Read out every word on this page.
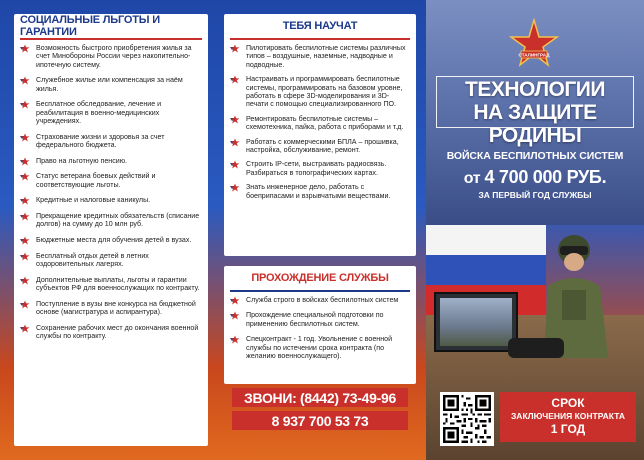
СОЦИАЛЬНЫЕ ЛЬГОТЫ И ГАРАНТИИ
Возможность быстрого приобретения жилья за счет Минобороны России через накопительно-ипотечную систему.
Служебное жилье или компенсация за наём жилья.
Бесплатное обследование, лечение и реабилитация в военно-медицинских учреждениях.
Страхование жизни и здоровья за счет федерального бюджета.
Право на льготную пенсию.
Статус ветерана боевых действий и соответствующие льготы.
Кредитные и налоговые каникулы.
Прекращение кредитных обязательств (списание долгов) на сумму до 10 млн руб.
Бюджетные места для обучения детей в вузах.
Бесплатный отдых детей в летних оздоровительных лагерях.
Дополнительные выплаты, льготы и гарантии субъектов РФ для военнослужащих по контракту.
Поступление в вузы вне конкурса на бюджетной основе (магистратура и аспирантура).
Сохранение рабочих мест до окончания военной службы по контракту.
ТЕБЯ НАУЧАТ
Пилотировать беспилотные системы различных типов – воздушные, наземные, надводные и подводные.
Настраивать и программировать беспилотные системы, программировать на базовом уровне, работать в сфере 3D-моделирования и 3D-печати с помощью специализированного ПО.
Ремонтировать беспилотные системы – схемотехника, пайка, работа с приборами и т.д.
Работать с коммерческими БПЛА – прошивка, настройка, обслуживание, ремонт.
Строить IP-сети, выстраивать радиосвязь. Разбираться в топографических картах.
Знать инженерное дело, работать с боеприпасами и взрывчатыми веществами.
ПРОХОЖДЕНИЕ СЛУЖБЫ
Служба строго в войсках беспилотных систем
Прохождение специальной подготовки по применению беспилотных систем.
Спецконтракт - 1 год. Увольнение с военной службы по истечении срока контракта (по желанию военнослужащего).
ЗВОНИ: (8442) 73-49-96
8 937 700 53 73
СТАЛИНГРАД
ТЕХНОЛОГИИ
НА ЗАЩИТЕ РОДИНЫ
ВОЙСКА БЕСПИЛОТНЫХ СИСТЕМ
от 4 700 000 РУБ.
ЗА ПЕРВЫЙ ГОД СЛУЖБЫ
СРОК
ЗАКЛЮЧЕНИЯ КОНТРАКТА
1 ГОД
